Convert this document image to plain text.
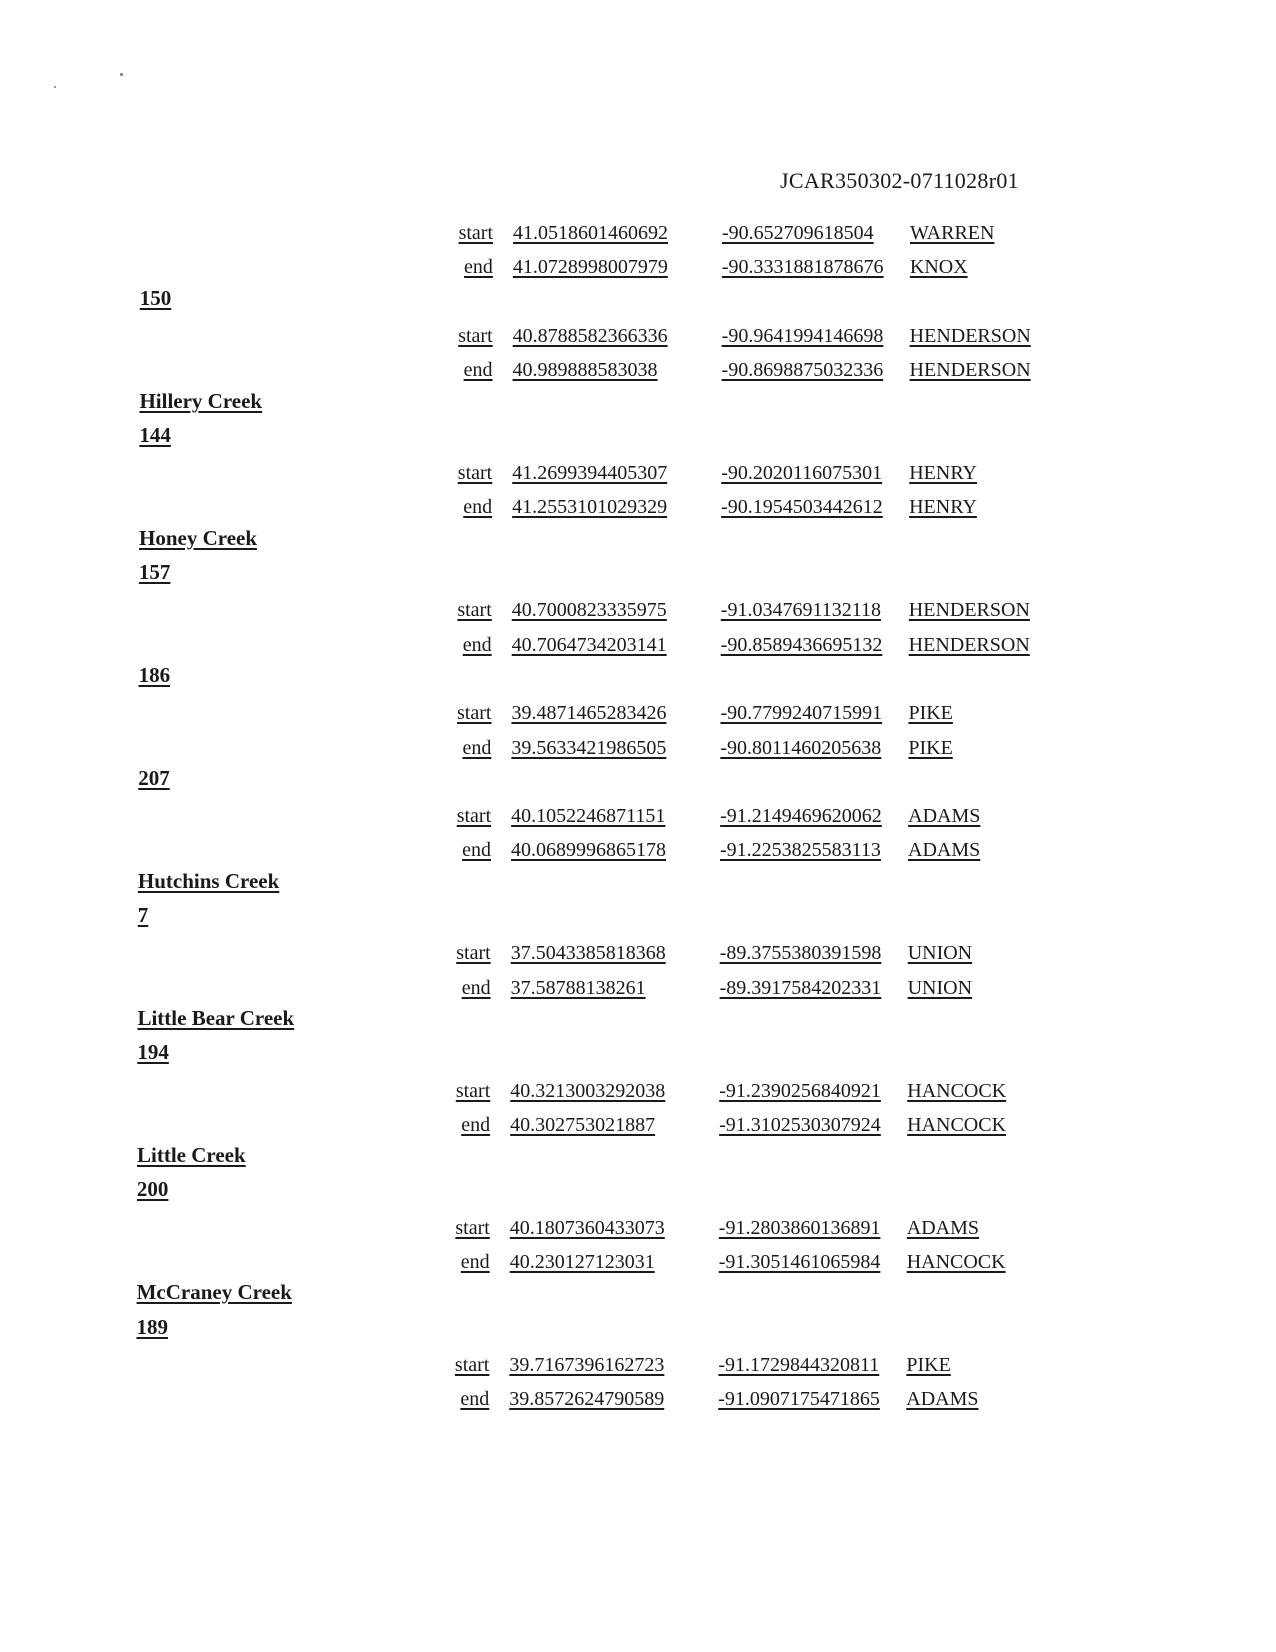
JCAR350302-0711028r01
start 41.0518601460692	-90.652709618504 WARREN
end 41.0728998007979	-90.3331881878676 KNOX
150
start 40.8788582366336	-90.9641994146698 HENDERSON
end 40.989888583038	-90.8698875032336 HENDERSON
Hillery Creek
144
start 41.2699394405307	-90.2020116075301 HENRY
end 41.2553101029329	-90.1954503442612 HENRY
Honey Creek
157
start 40.7000823335975	-91.0347691132118 HENDERSON
end 40.7064734203141	-90.8589436695132 HENDERSON
186
start 39.4871465283426	-90.7799240715991 PIKE
end 39.5633421986505	-90.8011460205638 PIKE
207
start 40.1052246871151	-91.2149469620062 ADAMS
end 40.0689996865178	-91.2253825583113 ADAMS
Hutchins Creek
7
start 37.5043385818368	-89.3755380391598 UNION
end 37.58788138261	-89.3917584202331 UNION
Little Bear Creek
194
start 40.3213003292038	-91.2390256840921 HANCOCK
end 40.302753021887	-91.3102530307924 HANCOCK
Little Creek
200
start 40.1807360433073	-91.2803860136891 ADAMS
end 40.230127123031	-91.3051461065984 HANCOCK
McCraney Creek
189
start 39.7167396162723	-91.1729844320811 PIKE
end 39.8572624790589	-91.0907175471865 ADAMS
